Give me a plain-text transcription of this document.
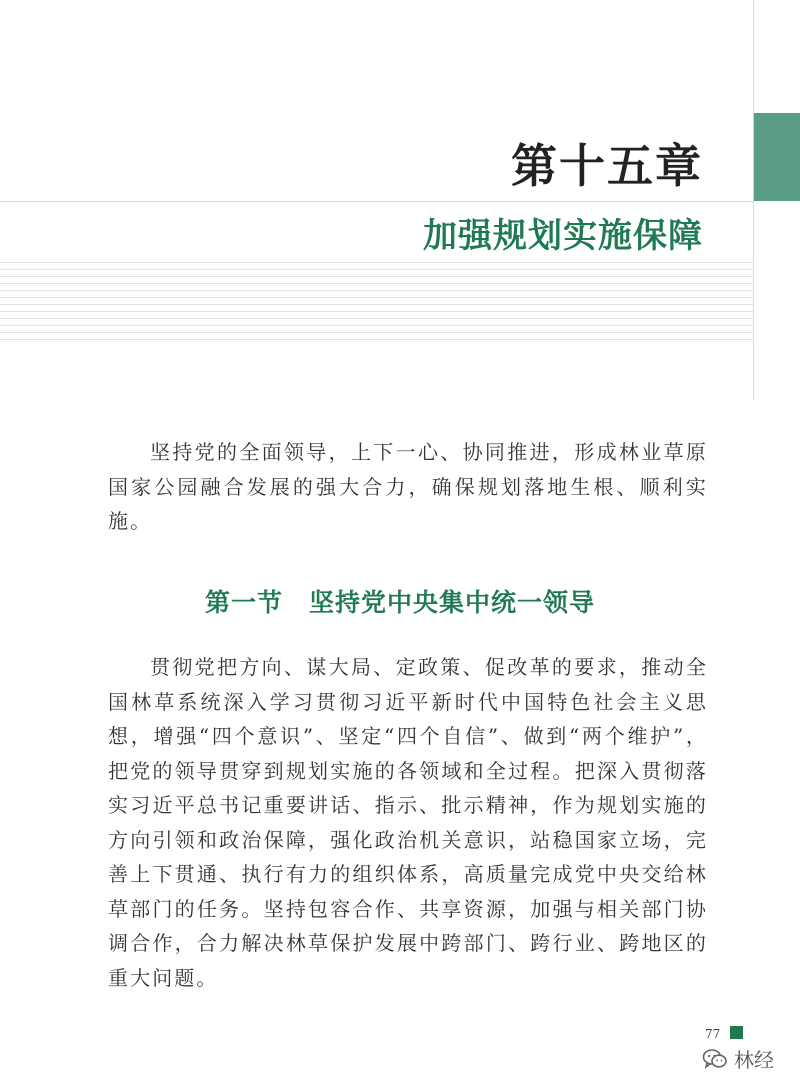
第十五章
加强规划实施保障

坚持党的全面领导，上下一心、协同推进，形成林业草原国家公园融合发展的强大合力，确保规划落地生根、顺利实施。

第一节　坚持党中央集中统一领导

贯彻党把方向、谋大局、定政策、促改革的要求，推动全国林草系统深入学习贯彻习近平新时代中国特色社会主义思想，增强“四个意识”、坚定“四个自信”、做到“两个维护”，把党的领导贯穿到规划实施的各领域和全过程。把深入贯彻落实习近平总书记重要讲话、指示、批示精神，作为规划实施的方向引领和政治保障，强化政治机关意识，站稳国家立场，完善上下贯通、执行有力的组织体系，高质量完成党中央交给林草部门的任务。坚持包容合作、共享资源，加强与相关部门协调合作，合力解决林草保护发展中跨部门、跨行业、跨地区的重大问题。

77
林经
